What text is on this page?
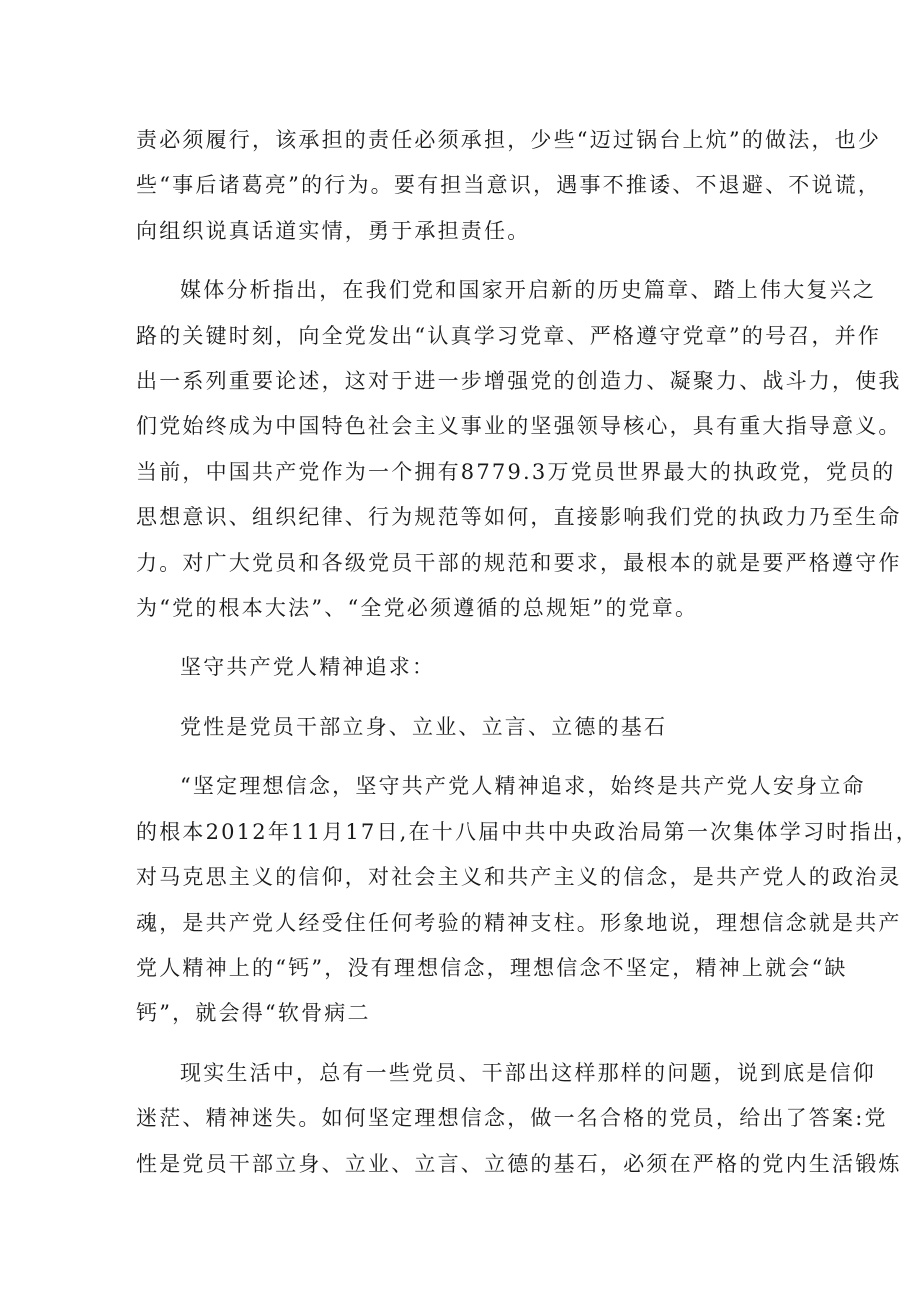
责必须履行，该承担的责任必须承担，少些“迈过锅台上炕”的做法，也少
些“事后诸葛亮”的行为。要有担当意识，遇事不推诿、不退避、不说谎，
向组织说真话道实情，勇于承担责任。
媒体分析指出，在我们党和国家开启新的历史篇章、踏上伟大复兴之
路的关键时刻，向全党发出“认真学习党章、严格遵守党章”的号召，并作
出一系列重要论述，这对于进一步增强党的创造力、凝聚力、战斗力，使我
们党始终成为中国特色社会主义事业的坚强领导核心，具有重大指导意义。
当前，中国共产党作为一个拥有8779.3万党员世界最大的执政党，党员的
思想意识、组织纪律、行为规范等如何，直接影响我们党的执政力乃至生命
力。对广大党员和各级党员干部的规范和要求，最根本的就是要严格遵守作
为“党的根本大法”、“全党必须遵循的总规矩”的党章。
坚守共产党人精神追求：
党性是党员干部立身、立业、立言、立德的基石
“坚定理想信念，坚守共产党人精神追求，始终是共产党人安身立命
的根本2012年11月17日,在十八届中共中央政治局第一次集体学习时指出，
对马克思主义的信仰，对社会主义和共产主义的信念，是共产党人的政治灵
魂，是共产党人经受住任何考验的精神支柱。形象地说，理想信念就是共产
党人精神上的“钙”，没有理想信念，理想信念不坚定，精神上就会“缺
钙”，就会得“软骨病二
现实生活中，总有一些党员、干部出这样那样的问题，说到底是信仰
迷茫、精神迷失。如何坚定理想信念，做一名合格的党员，给出了答案:党
性是党员干部立身、立业、立言、立德的基石，必须在严格的党内生活锻炼
